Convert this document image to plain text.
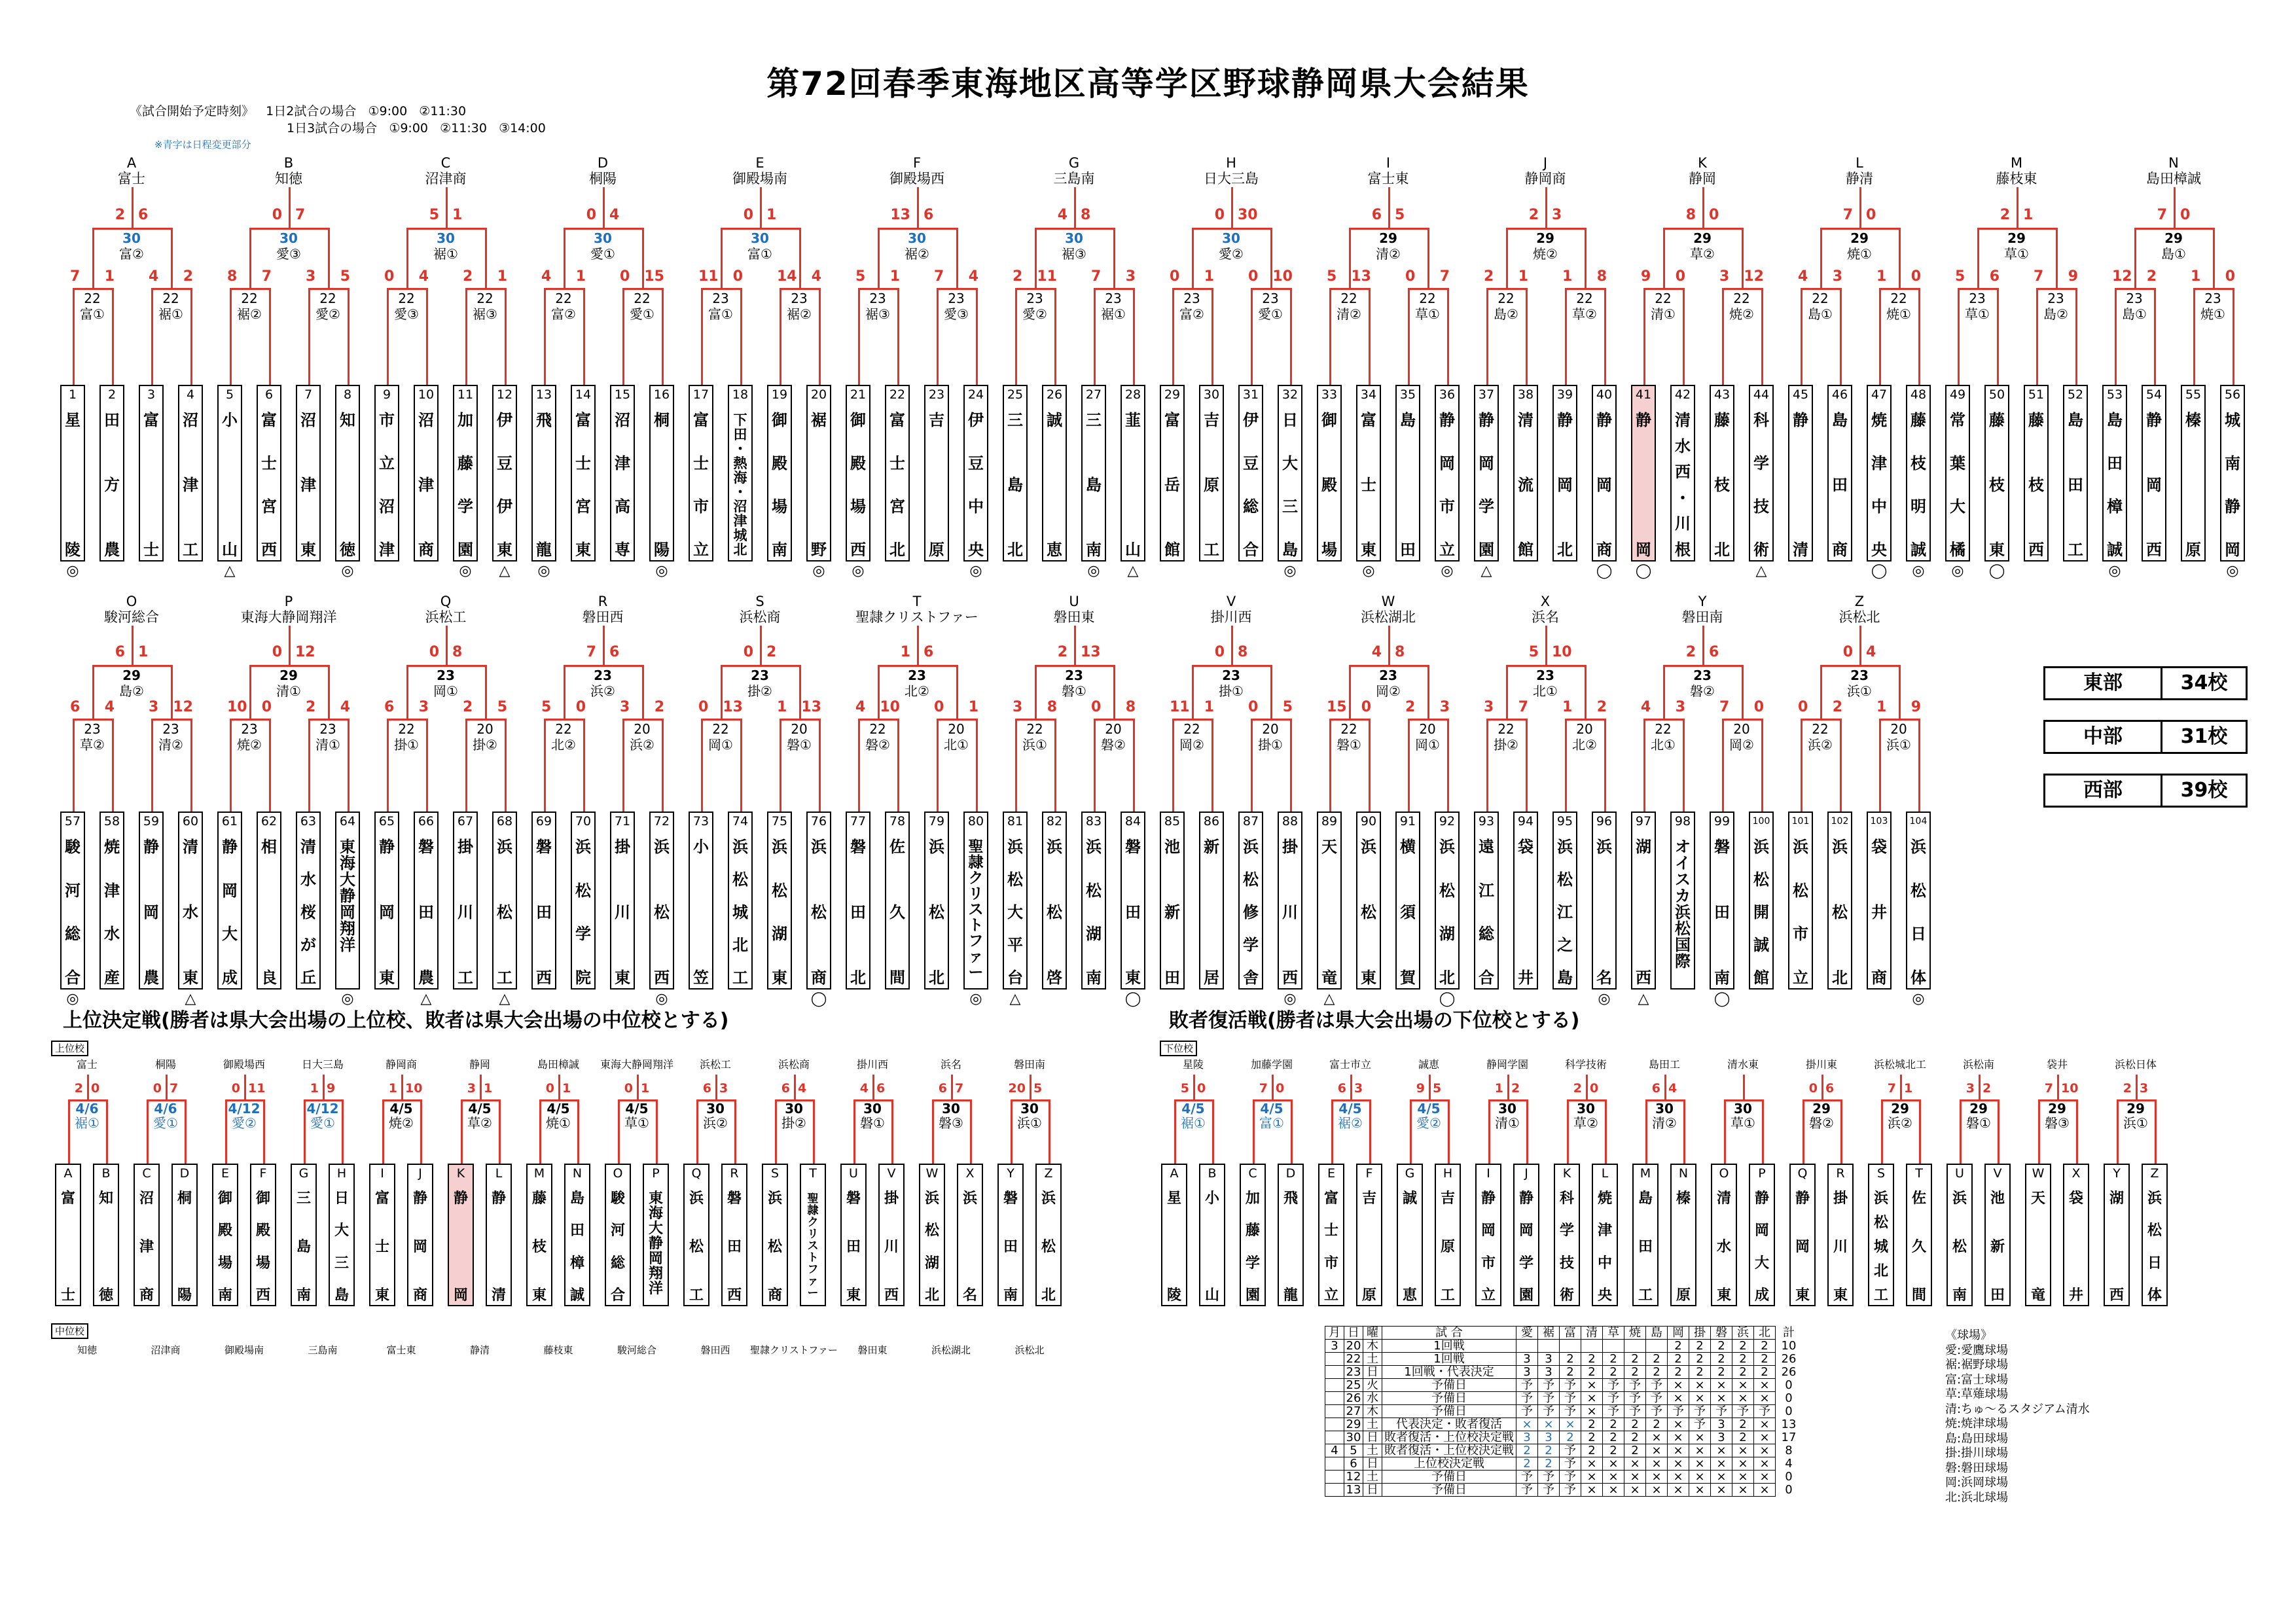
第72回春季東海地区高等学区野球静岡県大会結果
《試合開始予定時刻》 1日2試合の場合 ①9:00 ②11:30
1日3試合の場合 ①9:00 ②11:30 ③14:00
※青字は日程変更部分
上位決定戦(勝者は県大会出場の上位校、敗者は県大会出場の中位校とする)
上位校
中位校
敗者復活戦(勝者は県大会出場の下位校とする)
下位校
月	日	曜	試 合	愛	裾	富	清	草	焼	島	岡	掛	磐	浜	北	計
3	20	木	1回戦								2	2	2	2	2	10
	22	土	1回戦	3	3	2	2	2	2	2	2	2	2	2	2	26
	23	日	1回戦・代表決定	3	3	2	2	2	2	2	2	2	2	2	2	26
	25	火	予備日	予	予	予	×	予	予	予	×	×	×	×	×	0
	26	水	予備日	予	予	予	×	予	予	予	×	×	×	×	×	0
	27	木	予備日	予	予	予	×	予	予	予	予	予	予	予	予	0
	29	土	代表決定・敗者復活	×	×	×	2	2	2	2	×	予	3	2	×	13
	30	日	敗者復活・上位校決定戦	3	3	2	2	2	2	×	×	×	3	2	×	17
4	5	土	敗者復活・上位校決定戦	2	2	予	2	2	2	×	×	×	×	×	×	8
	6	日	上位校決定戦	2	2	予	×	×	×	×	×	×	×	×	×	4
	12	土	予備日	予	予	予	×	×	×	×	×	×	×	×	×	0
	13	日	予備日	予	予	予	×	×	×	×	×	×	×	×	×	0
《球場》
愛:愛鷹球場
裾:裾野球場
富:富士球場
草:草薙球場
清:ちゅ～るスタジアム清水
焼:焼津球場
島:島田球場
掛:掛川球場
磐:磐田球場
岡:浜岡球場
北:浜北球場
1
星
陵
◎
2
田
方
農
3
富
士
4
沼
津
工
5
小
山
△
6
富
士
宮
西
7
沼
津
東
8
知
徳
◎
9
市
立
沼
津
10
沼
津
商
11
加
藤
学
園
◎
12
伊
豆
伊
東
△
13
飛
龍
◎
14
富
士
宮
東
15
沼
津
高
専
16
桐
陽
◎
17
富
士
市
立
18
下
田
・
熱
海
・
沼
津
城
北
19
御
殿
場
南
20
裾
野
◎
21
御
殿
場
西
◎
22
富
士
宮
北
23
吉
原
24
伊
豆
中
央
◎
25
三
島
北
26
誠
恵
27
三
島
南
◎
28
韮
山
△
29
富
岳
館
30
吉
原
工
31
伊
豆
総
合
32
日
大
三
島
◎
33
御
殿
場
34
富
士
東
◎
35
島
田
36
静
岡
市
立
◎
37
静
岡
学
園
△
38
清
流
館
39
静
岡
北
40
静
岡
商
◯
41
静
岡
◯
42
清
水
西
・
川
根
43
藤
枝
北
44
科
学
技
術
△
45
静
清
46
島
田
商
47
焼
津
中
央
◯
48
藤
枝
明
誠
◎
49
常
葉
大
橘
◎
50
藤
枝
東
◯
51
藤
枝
西
52
島
田
工
53
島
田
樟
誠
◎
54
静
岡
西
55
榛
原
56
城
南
静
岡
◎
A
富士
2 6
30
富②
7	1 4	2
22
富①
22
裾①
B
知徳
0 7
30
愛③
8	7 3	5
22
裾②
22
愛②
C
沼津商
5 1
30
裾①
0	4 2	1
22
愛③
22
裾③
D
桐陽
0 4
30
愛①
4	1 0	15
22
富②
22
愛①
E
御殿場南
0 1
30
富①
11	0 14	4
23
富①
23
裾②
F
御殿場西
13 6
30
裾②
5	1 7	4
23
裾③
23
愛③
G
三島南
4 8
30
裾③
2	11 7	3
23
愛②
23
裾①
H
日大三島
0 30
30
愛②
0	1 0	10
23
富②
23
愛①
I
富士東
6 5
29
清②
5	13 0	7
22
清②
22
草①
J
静岡商
2 3
29
焼②
2	1 1	8
22
島②
22
草②
K
静岡
8 0
29
草②
9	0 3	12
22
清①
22
焼②
L
静清
7 0
29
焼①
4	3 1	0
22
島①
22
焼①
M
藤枝東
2 1
29
草①
5	6 7	9
23
草①
23
島②
N
島田樟誠
7 0
29
島①
12	2 1	0
23
島①
23
焼①
57
駿
河
総
合
◎
58
焼
津
水
産
59
静
岡
農
60
清
水
東
△
61
静
岡
大
成
62
相
良
63
清
水
桜
が
丘
64
東
海
大
静
岡
翔
洋
◎
65
静
岡
東
66
磐
田
農
△
67
掛
川
工
68
浜
松
工
△
69
磐
田
西
70
浜
松
学
院
71
掛
川
東
72
浜
松
西
◎
73
小
笠
74
浜
松
城
北
工
75
浜
松
湖
東
76
浜
松
商
◯
77
磐
田
北
78
佐
久
間
79
浜
松
北
80
聖
隷
ク
リ
ス
ト
フ
ァ
ー
◎
81
浜
松
大
平
台
△
82
浜
松
啓
83
浜
松
湖
南
84
磐
田
東
◯
85
池
新
田
86
新
居
87
浜
松
修
学
舎
88
掛
川
西
◎
89
天
竜
△
90
浜
松
東
91
横
須
賀
92
浜
松
湖
北
◯
93
遠
江
総
合
94
袋
井
95
浜
松
江
之
島
96
浜
名
◎
97
湖
西
△
98
オ
イ
ス
カ
浜
松
国
際
99
磐
田
南
◯
100
浜
松
開
誠
館
101
浜
松
市
立
102
浜
松
北
103
袋
井
商
104
浜
松
日
体
◎
O
駿河総合
6 1
29
島②
6	4 3	12
23
草②
23
清②
P
東海大静岡翔洋
0 12
29
清①
10	0 2	4
23
焼②
23
清①
Q
浜松工
0 8
23
岡①
6	3 2	5
22
掛①
20
掛②
R
磐田西
7 6
23
浜②
5	0 3	2
22
北②
20
浜②
S
浜松商
0 2
23
掛②
0	13 1	13
22
岡①
20
磐①
T
聖隷クリストファー
1 6
23
北②
4	10 0	1
22
磐②
20
北①
U
磐田東
2 13
23
磐①
3	8 0	8
22
浜①
20
磐②
V
掛川西
0 8
23
掛①
11	1 0	5
22
岡②
20
掛①
W
浜松湖北
4 8
23
岡②
15	0 2	3
22
磐①
20
岡①
X
浜名
5 10
23
北①
3	7 1	2
22
掛②
20
北②
Y
磐田南
2 6
23
磐②
4	3 7	0
22
北①
20
岡②
Z
浜松北
0 4
23
浜①
0	2 1	9
22
浜②
20
浜①
東部	34校
中部	31校
西部	39校
富士
2 0
4/6
裾①
A
富
士
B
知
徳
桐陽
0 7
4/6
愛①
C
沼
津
商
D
桐
陽
御殿場西
0 11
4/12
愛②
E
御
殿
場
南
F
御
殿
場
西
日大三島
1 9
4/12
愛①
G
三
島
南
H
日
大
三
島
静岡商
1 10
4/5
焼②
I
富
士
東
J
静
岡
商
静岡
3 1
4/5
草②
K
静
岡
L
静
清
島田樟誠
0 1
4/5
焼①
M
藤
枝
東
N
島
田
樟
誠
東海大静岡翔洋
0 1
4/5
草①
O
駿
河
総
合
P
東
海
大
静
岡
翔
洋
浜松工
6 3
30
浜②
Q
浜
松
工
R
磐
田
西
浜松商
6 4
30
掛②
S
浜
松
商
T
聖
隷
ク
リ
ス
ト
フ
ァ
ー
掛川西
4 6
30
磐①
U
磐
田
東
V
掛
川
西
浜名
6 7
30
磐③
W
浜
松
湖
北
X
浜
名
磐田南
20 5
30
浜①
Y
磐
田
南
Z
浜
松
北
星陵
5 0
4/5
裾①
A
星
陵
B
小
山
加藤学園
7 0
4/5
富①
C
加
藤
学
園
D
飛
龍
富士市立
6 3
4/5
裾②
E
富
士
市
立
F
吉
原
誠恵
9 5
4/5
愛②
G
誠
恵
H
吉
原
工
静岡学園
1 2
30
清①
I
静
岡
市
立
J
静
岡
学
園
科学技術
2 0
30
草②
K
科
学
技
術
L
焼
津
中
央
島田工
6 4
30
清②
M
島
田
工
N
榛
原
清水東
30
草①
O
清
水
東
P
静
岡
大
成
掛川東
0 6
29
磐②
Q
静
岡
東
R
掛
川
東
浜松城北工
7 1
29
浜②
S
浜
松
城
北
工
T
佐
久
間
浜松南
3 2
29
磐①
U
浜
松
南
V
池
新
田
袋井
7 10
29
磐③
W
天
竜
X
袋
井
浜松日体
2 3
29
浜①
Y
湖
西
Z
浜
松
日
体
知徳	沼津商	御殿場南	三島南	富士東	静清	藤枝東	駿河総合	磐田西	聖隷クリストファー	磐田東	浜松湖北	浜松北
